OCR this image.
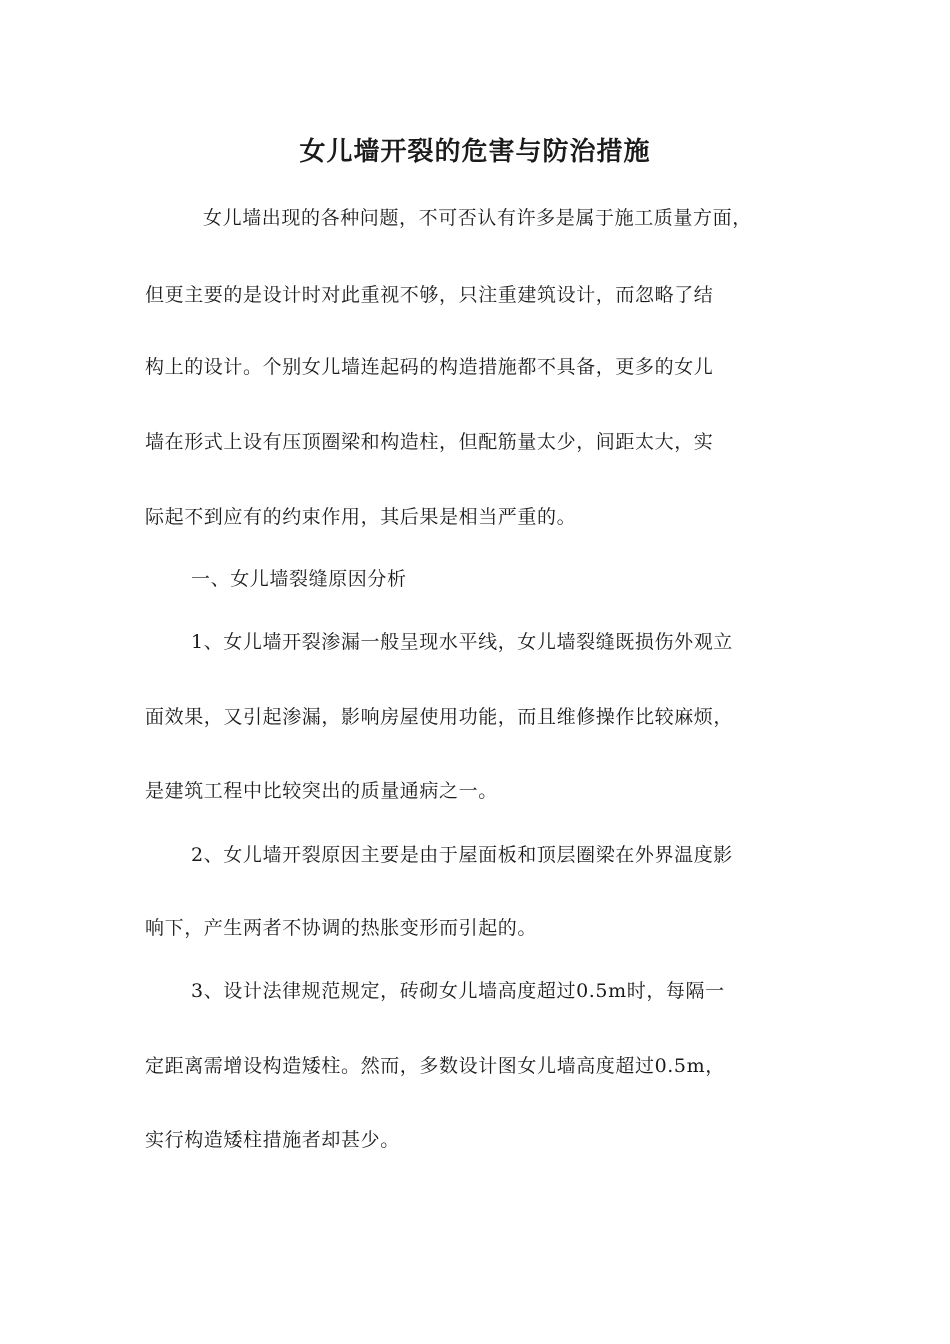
女儿墙开裂的危害与防治措施
女儿墙出现的各种问题，不可否认有许多是属于施工质量方面，
但更主要的是设计时对此重视不够，只注重建筑设计，而忽略了结
构上的设计。个别女儿墙连起码的构造措施都不具备，更多的女儿
墙在形式上设有压顶圈梁和构造柱，但配筋量太少，间距太大，实
际起不到应有的约束作用，其后果是相当严重的。
一、女儿墙裂缝原因分析
1、女儿墙开裂渗漏一般呈现水平线，女儿墙裂缝既损伤外观立
面效果，又引起渗漏，影响房屋使用功能，而且维修操作比较麻烦，
是建筑工程中比较突出的质量通病之一。
2、女儿墙开裂原因主要是由于屋面板和顶层圈梁在外界温度影
响下，产生两者不协调的热胀变形而引起的。
3、设计法律规范规定，砖砌女儿墙高度超过0.5m时，每隔一
定距离需增设构造矮柱。然而，多数设计图女儿墙高度超过0.5m，
实行构造矮柱措施者却甚少。
